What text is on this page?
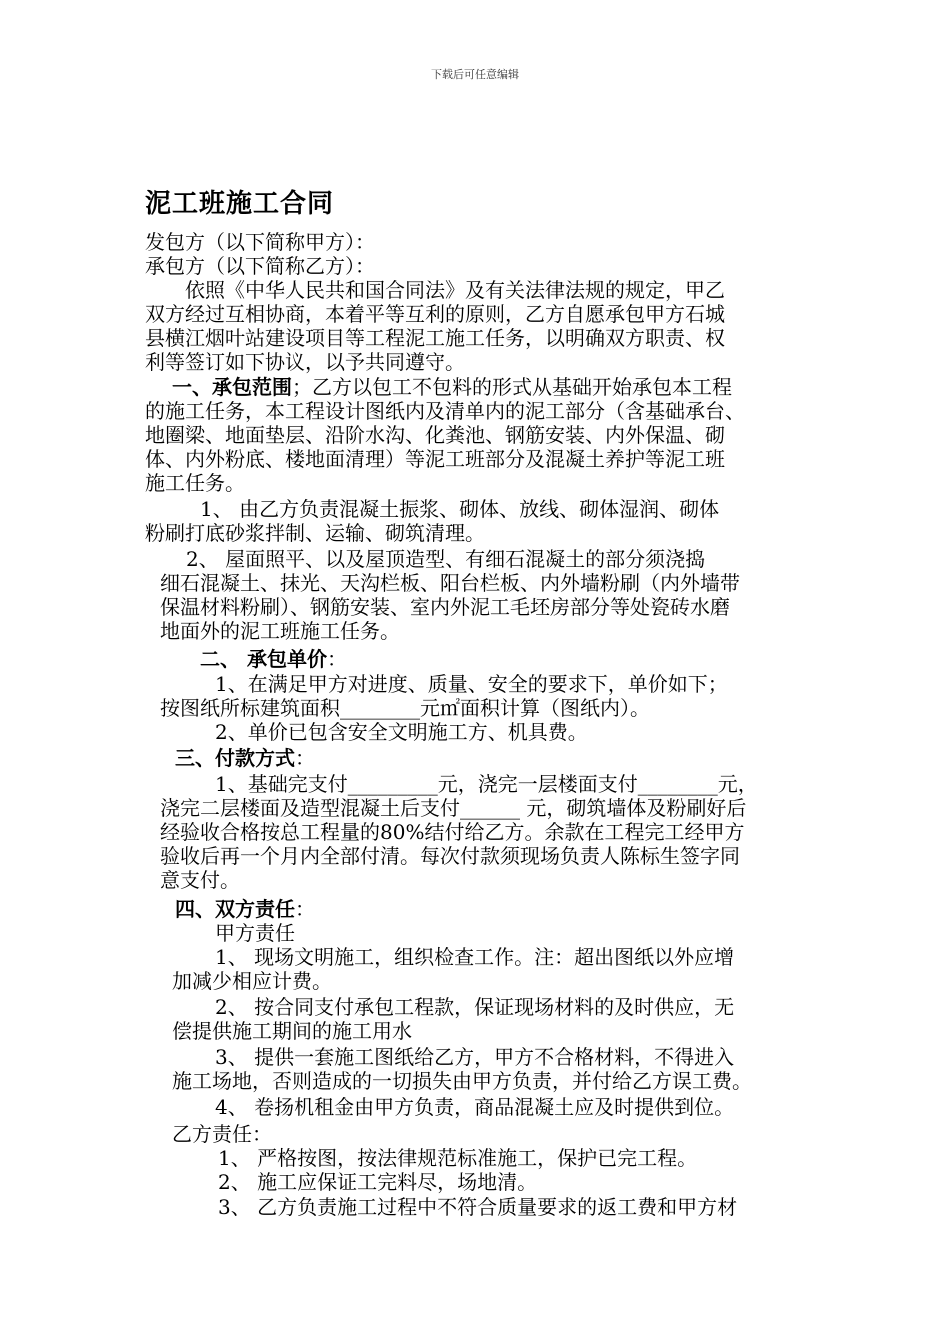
下载后可任意编辑
泥工班施工合同
发包方（以下简称甲方）：
承包方（以下简称乙方）：
依照《中华人民共和国合同法》及有关法律法规的规定，甲乙
双方经过互相协商，本着平等互利的原则，乙方自愿承包甲方石城
县横江烟叶站建设项目等工程泥工施工任务，以明确双方职责、权
利等签订如下协议，以予共同遵守。
一、承包范围；乙方以包工不包料的形式从基础开始承包本工程
的施工任务，本工程设计图纸内及清单内的泥工部分（含基础承台、
地圈梁、地面垫层、沿阶水沟、化粪池、钢筋安装、内外保温、砌
体、内外粉底、楼地面清理）等泥工班部分及混凝土养护等泥工班
施工任务。
1、 由乙方负责混凝土振浆、砌体、放线、砌体湿润、砌体
粉刷打底砂浆拌制、运输、砌筑清理。
2、 屋面照平、以及屋顶造型、有细石混凝土的部分须浇捣
细石混凝土、抹光、天沟栏板、阳台栏板、内外墙粉刷（内外墙带
保温材料粉刷）、钢筋安装、室内外泥工毛坯房部分等处瓷砖水磨
地面外的泥工班施工任务。
二、 承包单价：
1、在满足甲方对进度、质量、安全的要求下，单价如下；
按图纸所标建筑面积________元㎡面积计算（图纸内）。
2、单价已包含安全文明施工方、机具费。
三、付款方式：
1、基础完支付_________元，浇完一层楼面支付________元，
浇完二层楼面及造型混凝土后支付______ 元，砌筑墙体及粉刷好后
经验收合格按总工程量的80%结付给乙方。余款在工程完工经甲方
验收后再一个月内全部付清。每次付款须现场负责人陈标生签字同
意支付。
四、双方责任：
甲方责任
1、 现场文明施工，组织检查工作。注：超出图纸以外应增
加减少相应计费。
2、 按合同支付承包工程款，保证现场材料的及时供应，无
偿提供施工期间的施工用水
3、 提供一套施工图纸给乙方，甲方不合格材料，不得进入
施工场地，否则造成的一切损失由甲方负责，并付给乙方误工费。
4、 卷扬机租金由甲方负责，商品混凝土应及时提供到位。
乙方责任：
1、 严格按图，按法律规范标准施工，保护已完工程。
2、 施工应保证工完料尽，场地清。
3、 乙方负责施工过程中不符合质量要求的返工费和甲方材
